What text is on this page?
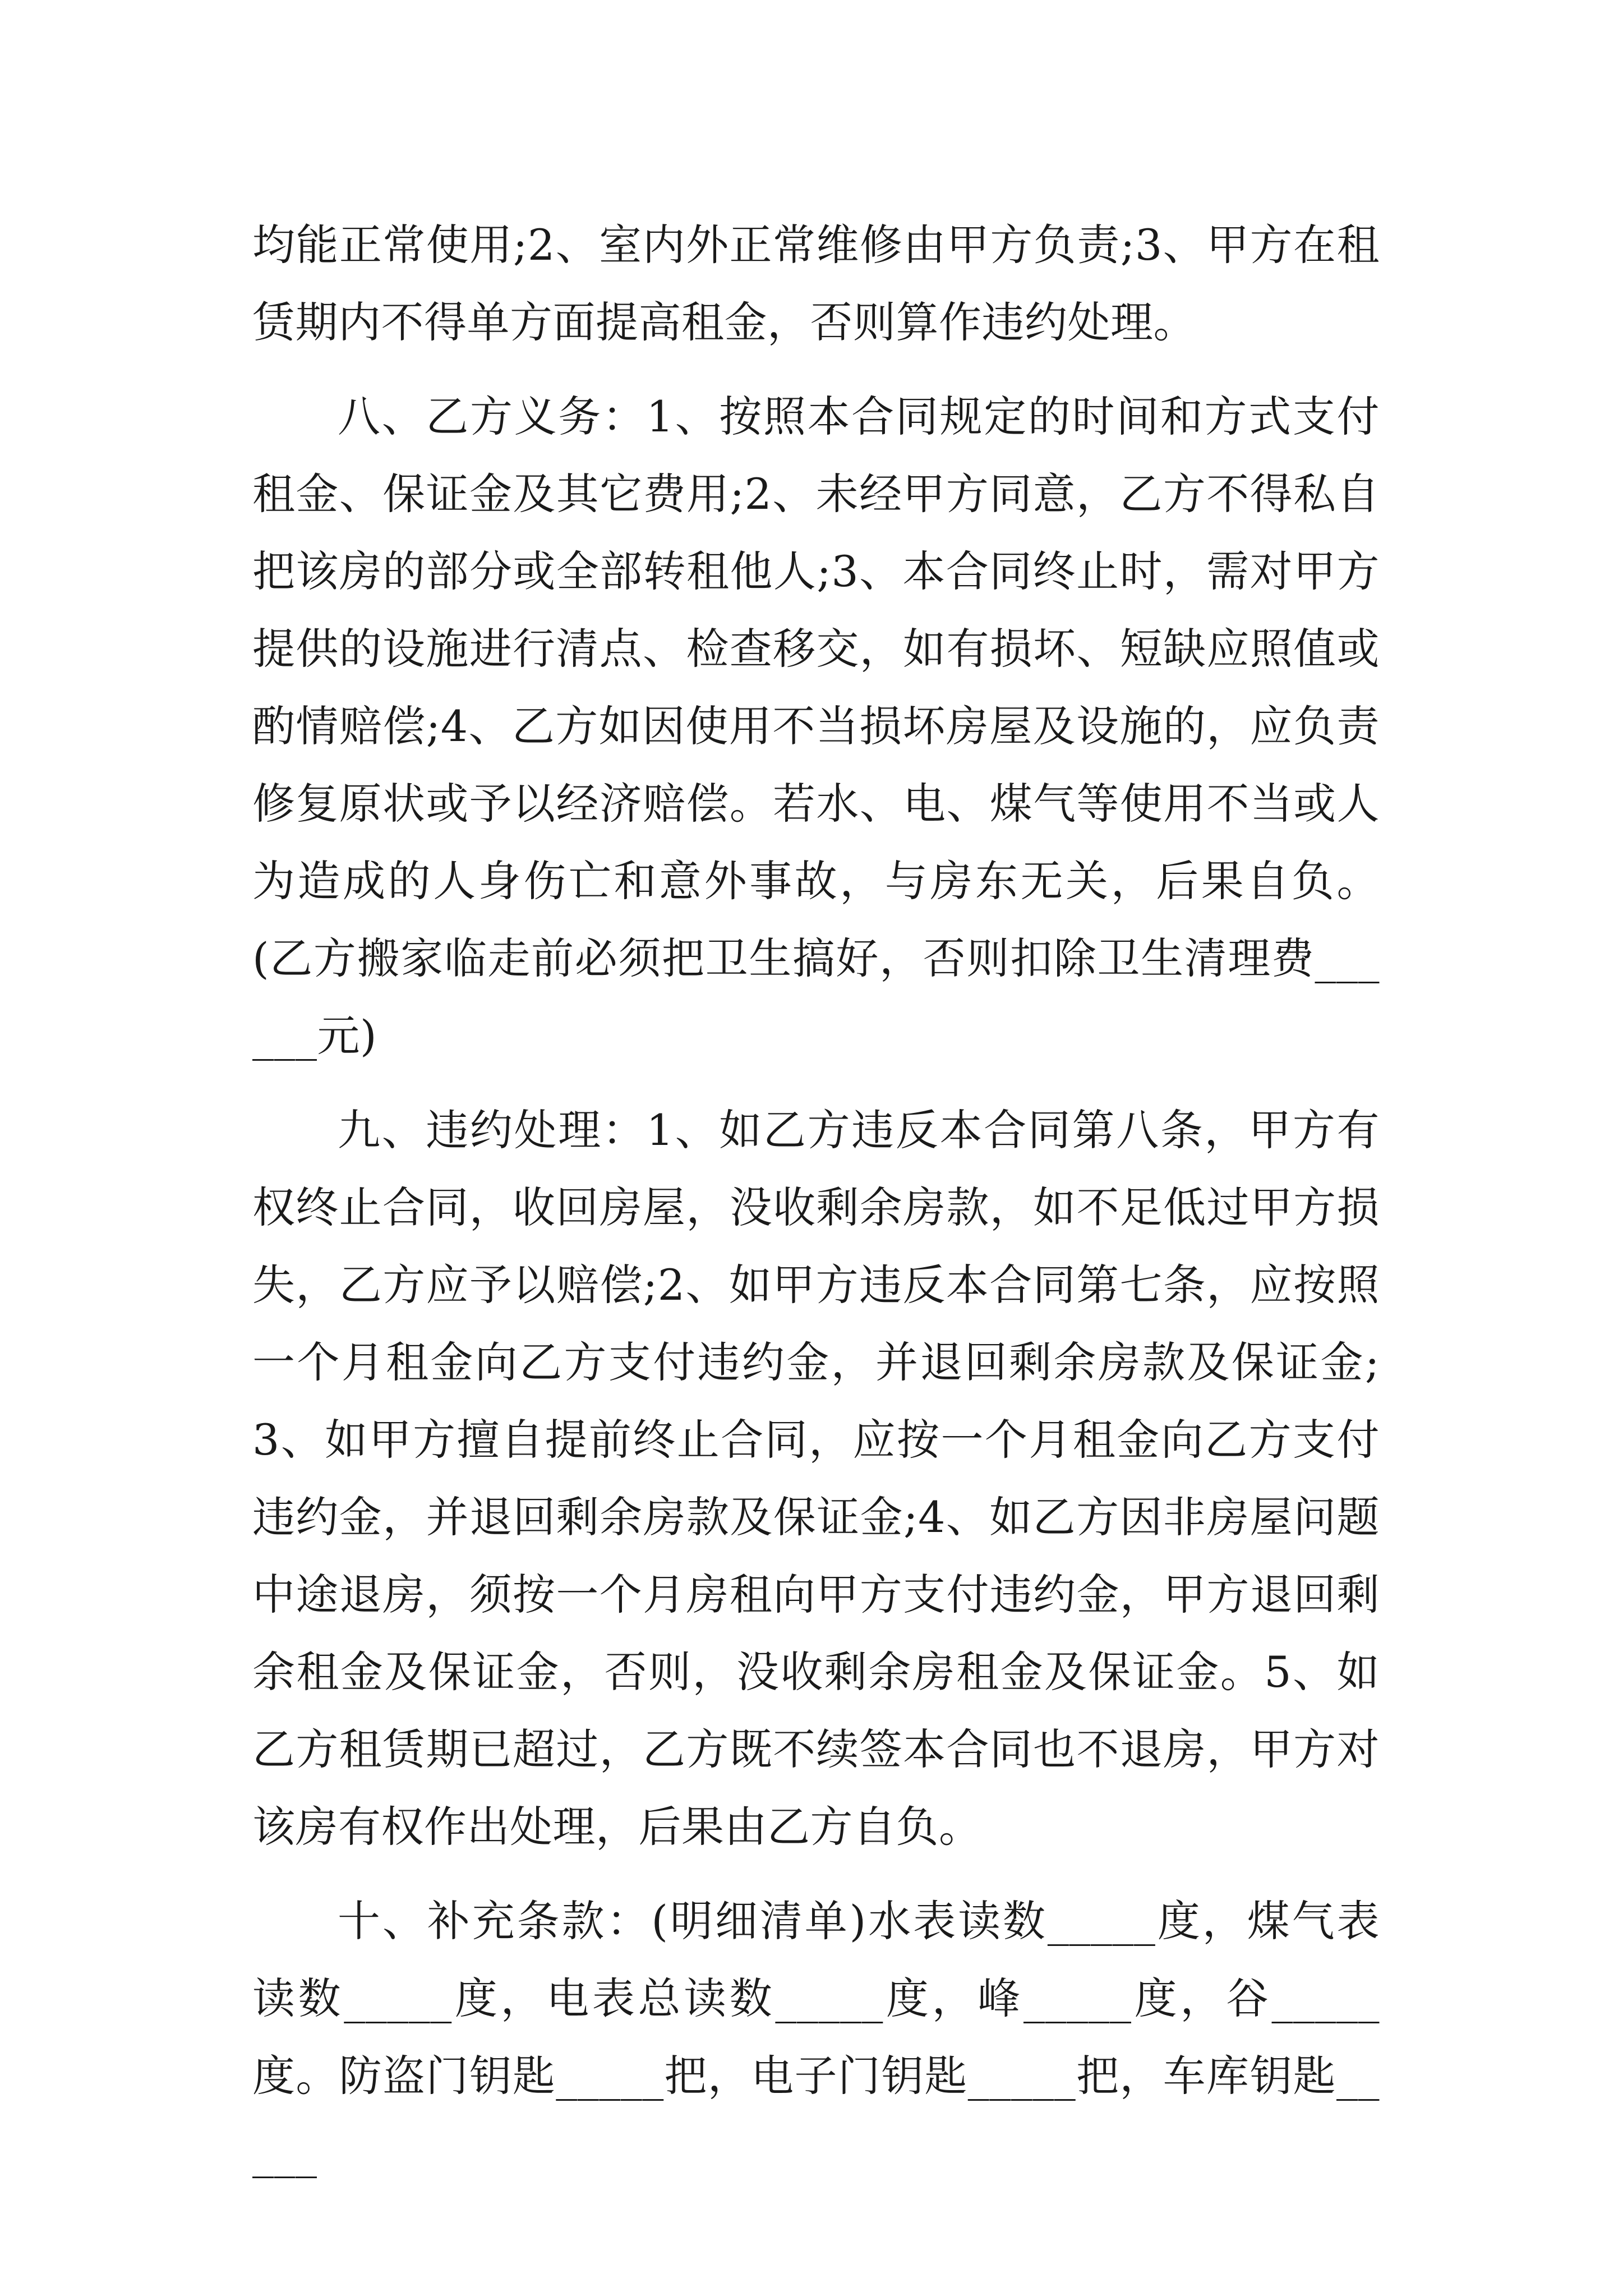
均能正常使用;2、室内外正常维修由甲方负责;3、甲方在租赁期内不得单方面提高租金，否则算作违约处理。

八、乙方义务：1、按照本合同规定的时间和方式支付租金、保证金及其它费用;2、未经甲方同意，乙方不得私自把该房的部分或全部转租他人;3、本合同终止时，需对甲方提供的设施进行清点、检查移交，如有损坏、短缺应照值或酌情赔偿;4、乙方如因使用不当损坏房屋及设施的，应负责修复原状或予以经济赔偿。若水、电、煤气等使用不当或人为造成的人身伤亡和意外事故，与房东无关，后果自负。(乙方搬家临走前必须把卫生搞好，否则扣除卫生清理费______元)

九、违约处理：1、如乙方违反本合同第八条，甲方有权终止合同，收回房屋，没收剩余房款，如不足低过甲方损失，乙方应予以赔偿;2、如甲方违反本合同第七条，应按照一个月租金向乙方支付违约金，并退回剩余房款及保证金;3、如甲方擅自提前终止合同，应按一个月租金向乙方支付违约金，并退回剩余房款及保证金;4、如乙方因非房屋问题中途退房，须按一个月房租向甲方支付违约金，甲方退回剩余租金及保证金，否则，没收剩余房租金及保证金。5、如乙方租赁期已超过，乙方既不续签本合同也不退房，甲方对该房有权作出处理，后果由乙方自负。

十、补充条款：(明细清单)水表读数_____度，煤气表读数_____度，电表总读数_____度，峰_____度，谷_____度。防盗门钥匙_____把，电子门钥匙_____把，车库钥匙_____
